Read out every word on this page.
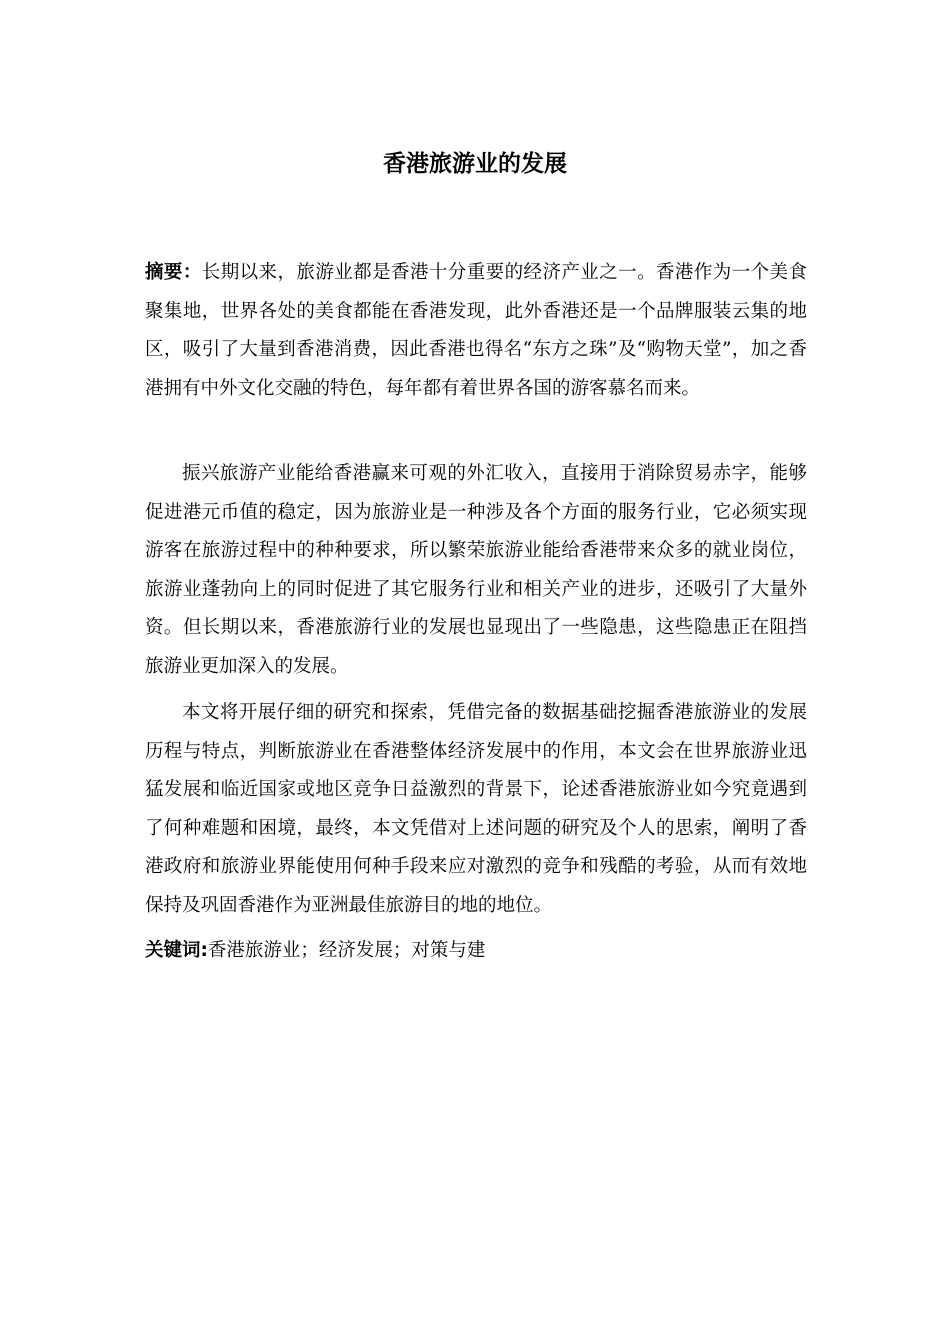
香港旅游业的发展

摘要：长期以来，旅游业都是香港十分重要的经济产业之一。香港作为一个美食聚集地，世界各处的美食都能在香港发现，此外香港还是一个品牌服装云集的地区，吸引了大量到香港消费，因此香港也得名“东方之珠”及“购物天堂”，加之香港拥有中外文化交融的特色，每年都有着世界各国的游客慕名而来。

振兴旅游产业能给香港赢来可观的外汇收入，直接用于消除贸易赤字，能够促进港元币值的稳定，因为旅游业是一种涉及各个方面的服务行业，它必须实现游客在旅游过程中的种种要求，所以繁荣旅游业能给香港带来众多的就业岗位，旅游业蓬勃向上的同时促进了其它服务行业和相关产业的进步，还吸引了大量外资。但长期以来，香港旅游行业的发展也显现出了一些隐患，这些隐患正在阻挡旅游业更加深入的发展。

本文将开展仔细的研究和探索，凭借完备的数据基础挖掘香港旅游业的发展历程与特点，判断旅游业在香港整体经济发展中的作用，本文会在世界旅游业迅猛发展和临近国家或地区竞争日益激烈的背景下，论述香港旅游业如今究竟遇到了何种难题和困境，最终，本文凭借对上述问题的研究及个人的思索，阐明了香港政府和旅游业界能使用何种手段来应对激烈的竞争和残酷的考验，从而有效地保持及巩固香港作为亚洲最佳旅游目的地的地位。

关键词:香港旅游业；经济发展；对策与建
